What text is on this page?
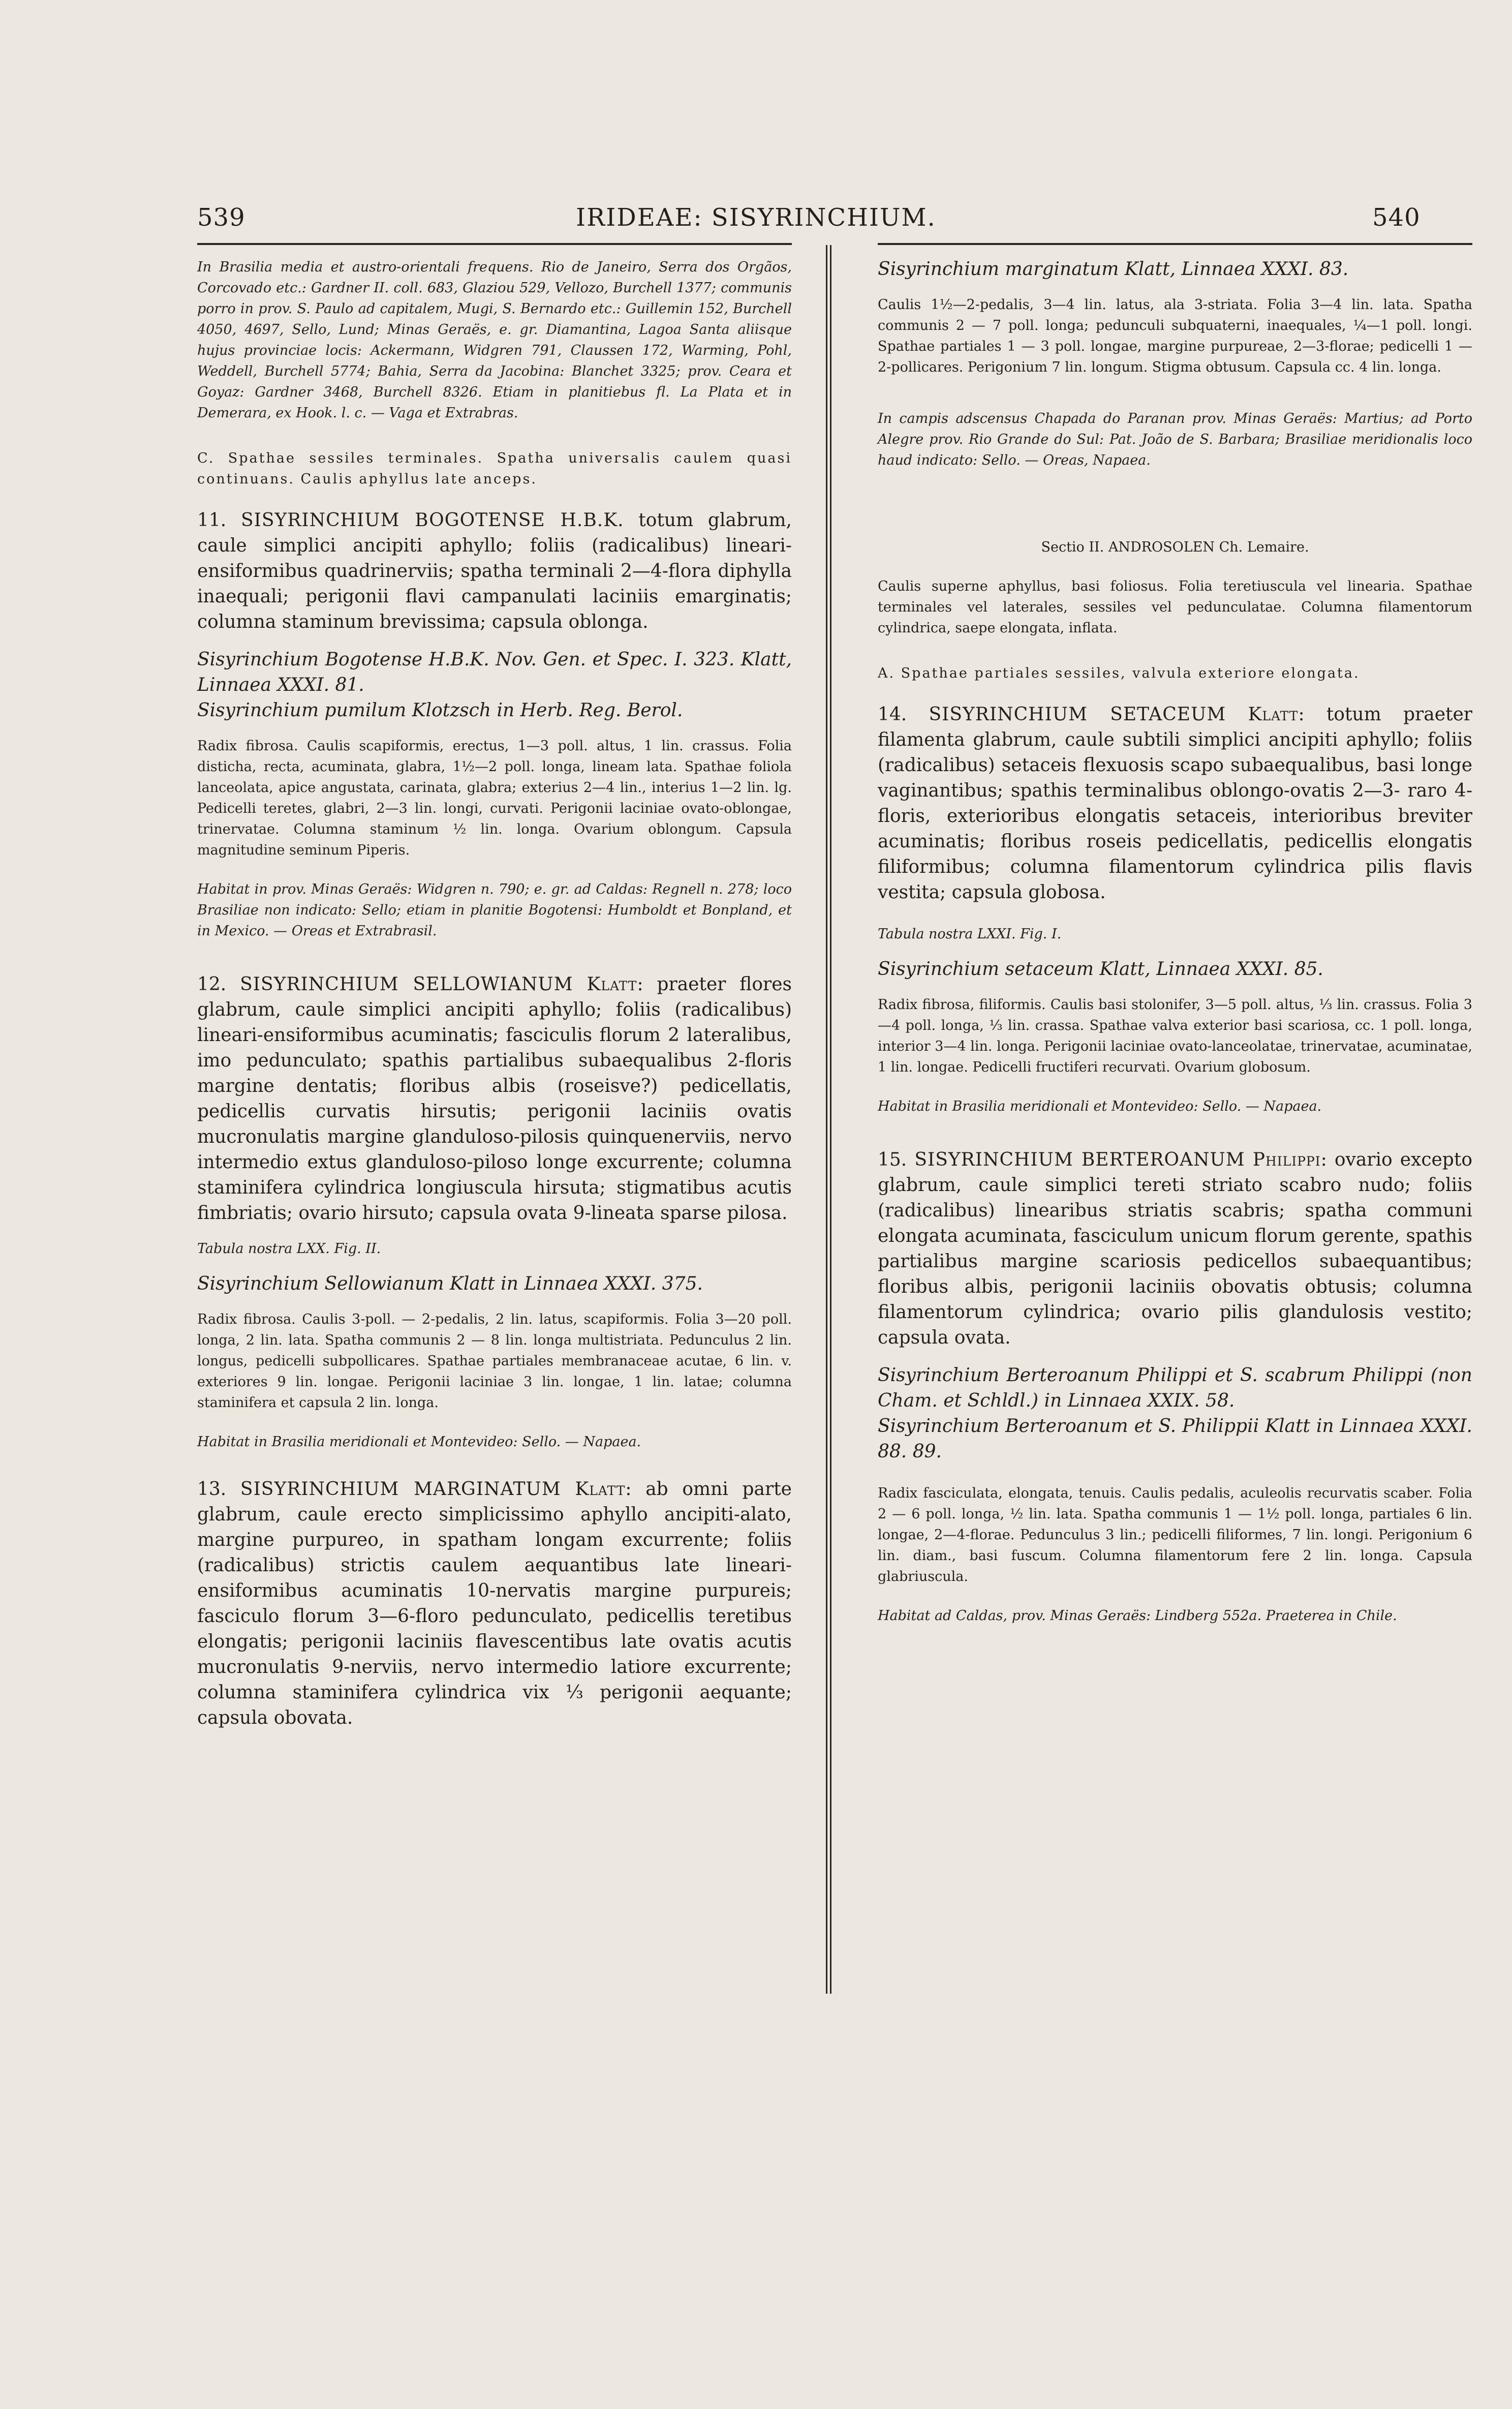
539	IRIDEAE: SISYRINCHIUM.	540

In Brasilia media et austro-orientali frequens. Rio de Janeiro, Serra dos Orgãos, Corcovado etc.: Gardner II. coll. 683, Glaziou 529, Vellozo, Burchell 1377; communis porro in prov. S. Paulo ad capitalem, Mugi, S. Bernardo etc.: Guillemin 152, Burchell 4050, 4697, Sello, Lund; Minas Geraës, e. gr. Diamantina, Lagoa Santa aliisque hujus provinciae locis: Ackermann, Widgren 791, Claussen 172, Warming, Pohl, Weddell, Burchell 5774; Bahia, Serra da Jacobina: Blanchet 3325; prov. Ceara et Goyaz: Gardner 3468, Burchell 8326. Etiam in planitiebus fl. La Plata et in Demerara, ex Hook. l. c. — Vaga et Extrabras.

C. Spathae sessiles terminales. Spatha universalis caulem quasi continuans. Caulis aphyllus late anceps.

11. SISYRINCHIUM BOGOTENSE H.B.K. totum glabrum, caule simplici ancipiti aphyllo; foliis (radicalibus) lineari-ensiformibus quadrinerviis; spatha terminali 2—4-flora diphylla inaequali; perigonii flavi campanulati laciniis emarginatis; columna staminum brevissima; capsula oblonga.

Sisyrinchium Bogotense H.B.K. Nov. Gen. et Spec. I. 323. Klatt, Linnaea XXXI. 81.

Sisyrinchium pumilum Klotzsch in Herb. Reg. Berol.

Radix fibrosa. Caulis scapiformis, erectus, 1—3 poll. altus, 1 lin. crassus. Folia disticha, recta, acuminata, glabra, 1½—2 poll. longa, lineam lata. Spathae foliola lanceolata, apice angustata, carinata, glabra; exterius 2—4 lin., interius 1—2 lin. lg. Pedicelli teretes, glabri, 2—3 lin. longi, curvati. Perigonii laciniae ovato-oblongae, trinervatae. Columna staminum ½ lin. longa. Ovarium oblongum. Capsula magnitudine seminum Piperis.

Habitat in prov. Minas Geraës: Widgren n. 790; e. gr. ad Caldas: Regnell n. 278; loco Brasiliae non indicato: Sello; etiam in planitie Bogotensi: Humboldt et Bonpland, et in Mexico. — Oreas et Extrabrasil.

12. SISYRINCHIUM SELLOWIANUM Klatt: praeter flores glabrum, caule simplici ancipiti aphyllo; foliis (radicalibus) lineari-ensiformibus acuminatis; fasciculis florum 2 lateralibus, imo pedunculato; spathis partialibus subaequalibus 2-floris margine dentatis; floribus albis (roseisve?) pedicellatis, pedicellis curvatis hirsutis; perigonii laciniis ovatis mucronulatis margine glanduloso-pilosis quinquenerviis, nervo intermedio extus glanduloso-piloso longe excurrente; columna staminifera cylindrica longiuscula hirsuta; stigmatibus acutis fimbriatis; ovario hirsuto; capsula ovata 9-lineata sparse pilosa.

Tabula nostra LXX. Fig. II.

Sisyrinchium Sellowianum Klatt in Linnaea XXXI. 375.

Radix fibrosa. Caulis 3-poll. — 2-pedalis, 2 lin. latus, scapiformis. Folia 3—20 poll. longa, 2 lin. lata. Spatha communis 2 — 8 lin. longa multistriata. Pedunculus 2 lin. longus, pedicelli subpollicares. Spathae partiales membranaceae acutae, 6 lin. v. exteriores 9 lin. longae. Perigonii laciniae 3 lin. longae, 1 lin. latae; columna staminifera et capsula 2 lin. longa.

Habitat in Brasilia meridionali et Montevideo: Sello. — Napaea.

13. SISYRINCHIUM MARGINATUM Klatt: ab omni parte glabrum, caule erecto simplicissimo aphyllo ancipiti-alato, margine purpureo, in spatham longam excurrente; foliis (radicalibus) strictis caulem aequantibus late lineari-ensiformibus acuminatis 10-nervatis margine purpureis; fasciculo florum 3—6-floro pedunculato, pedicellis teretibus elongatis; perigonii laciniis flavescentibus late ovatis acutis mucronulatis 9-nerviis, nervo intermedio latiore excurrente; columna staminifera cylindrica vix ⅓ perigonii aequante; capsula obovata.

Sisyrinchium marginatum Klatt, Linnaea XXXI. 83.

Caulis 1½—2-pedalis, 3—4 lin. latus, ala 3-striata. Folia 3—4 lin. lata. Spatha communis 2 — 7 poll. longa; pedunculi subquaterni, inaequales, ¼—1 poll. longi. Spathae partiales 1 — 3 poll. longae, margine purpureae, 2—3-florae; pedicelli 1 — 2-pollicares. Perigonium 7 lin. longum. Stigma obtusum. Capsula cc. 4 lin. longa.

In campis adscensus Chapada do Paranan prov. Minas Geraës: Martius; ad Porto Alegre prov. Rio Grande do Sul: Pat. João de S. Barbara; Brasiliae meridionalis loco haud indicato: Sello. — Oreas, Napaea.

Sectio II. ANDROSOLEN Ch. Lemaire.

Caulis superne aphyllus, basi foliosus. Folia teretiuscula vel linearia. Spathae terminales vel laterales, sessiles vel pedunculatae. Columna filamentorum cylindrica, saepe elongata, inflata.

A. Spathae partiales sessiles, valvula exteriore elongata.

14. SISYRINCHIUM SETACEUM Klatt: totum praeter filamenta glabrum, caule subtili simplici ancipiti aphyllo; foliis (radicalibus) setaceis flexuosis scapo subaequalibus, basi longe vaginantibus; spathis terminalibus oblongo-ovatis 2—3- raro 4-floris, exterioribus elongatis setaceis, interioribus breviter acuminatis; floribus roseis pedicellatis, pedicellis elongatis filiformibus; columna filamentorum cylindrica pilis flavis vestita; capsula globosa.

Tabula nostra LXXI. Fig. I.

Sisyrinchium setaceum Klatt, Linnaea XXXI. 85.

Radix fibrosa, filiformis. Caulis basi stolonifer, 3—5 poll. altus, ⅓ lin. crassus. Folia 3—4 poll. longa, ⅓ lin. crassa. Spathae valva exterior basi scariosa, cc. 1 poll. longa, interior 3—4 lin. longa. Perigonii laciniae ovato-lanceolatae, trinervatae, acuminatae, 1 lin. longae. Pedicelli fructiferi recurvati. Ovarium globosum.

Habitat in Brasilia meridionali et Montevideo: Sello. — Napaea.

15. SISYRINCHIUM BERTEROANUM Philippi: ovario excepto glabrum, caule simplici tereti striato scabro nudo; foliis (radicalibus) linearibus striatis scabris; spatha communi elongata acuminata, fasciculum unicum florum gerente, spathis partialibus margine scariosis pedicellos subaequantibus; floribus albis, perigonii laciniis obovatis obtusis; columna filamentorum cylindrica; ovario pilis glandulosis vestito; capsula ovata.

Sisyrinchium Berteroanum Philippi et S. scabrum Philippi (non Cham. et Schldl.) in Linnaea XXIX. 58.

Sisyrinchium Berteroanum et S. Philippii Klatt in Linnaea XXXI. 88. 89.

Radix fasciculata, elongata, tenuis. Caulis pedalis, aculeolis recurvatis scaber. Folia 2 — 6 poll. longa, ½ lin. lata. Spatha communis 1 — 1½ poll. longa, partiales 6 lin. longae, 2—4-florae. Pedunculus 3 lin.; pedicelli filiformes, 7 lin. longi. Perigonium 6 lin. diam., basi fuscum. Columna filamentorum fere 2 lin. longa. Capsula glabriuscula.

Habitat ad Caldas, prov. Minas Geraës: Lindberg 552a. Praeterea in Chile.
